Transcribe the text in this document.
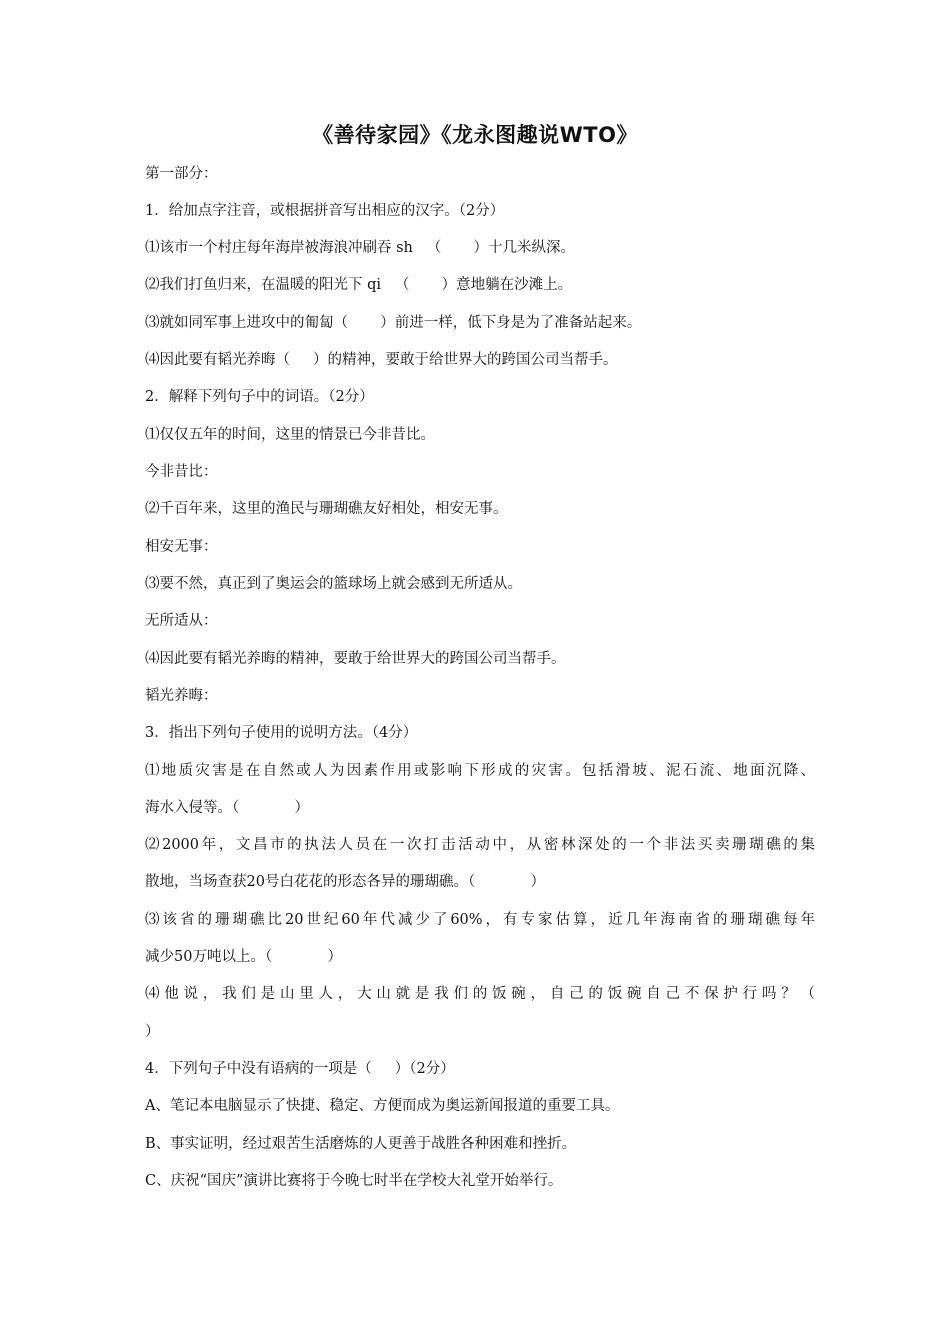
《善待家园》《龙永图趣说WTO》
第一部分：
1．给加点字注音，或根据拼音写出相应的汉字。（2分）
⑴该市一个村庄每年海岸被海浪冲刷吞 sh   （       ）十几米纵深。
⑵我们打鱼归来，在温暖的阳光下 qi   （       ）意地躺在沙滩上。
⑶就如同军事上进攻中的匍匐（       ）前进一样，低下身是为了准备站起来。
⑷因此要有韬光养晦（     ）的精神，要敢于给世界大的跨国公司当帮手。
2．解释下列句子中的词语。（2分）
⑴仅仅五年的时间，这里的情景已今非昔比。
今非昔比：
⑵千百年来，这里的渔民与珊瑚礁友好相处，相安无事。
相安无事：
⑶要不然，真正到了奥运会的篮球场上就会感到无所适从。
无所适从：
⑷因此要有韬光养晦的精神，要敢于给世界大的跨国公司当帮手。
韬光养晦：
3．指出下列句子使用的说明方法。（4分）
⑴地质灾害是在自然或人为因素作用或影响下形成的灾害。包括滑坡、泥石流、地面沉降、
海水入侵等。（            ）
⑵2000年，文昌市的执法人员在一次打击活动中，从密林深处的一个非法买卖珊瑚礁的集
散地，当场查获20号白花花的形态各异的珊瑚礁。（            ）
⑶该省的珊瑚礁比20世纪60年代减少了60%，有专家估算，近几年海南省的珊瑚礁每年
减少50万吨以上。（            ）
⑷他说，我们是山里人，大山就是我们的饭碗，自己的饭碗自己不保护行吗？（
）
4．下列句子中没有语病的一项是（     ）（2分）
A、笔记本电脑显示了快捷、稳定、方便而成为奥运新闻报道的重要工具。
B、事实证明，经过艰苦生活磨炼的人更善于战胜各种困难和挫折。
C、庆祝“国庆”演讲比赛将于今晚七时半在学校大礼堂开始举行。
